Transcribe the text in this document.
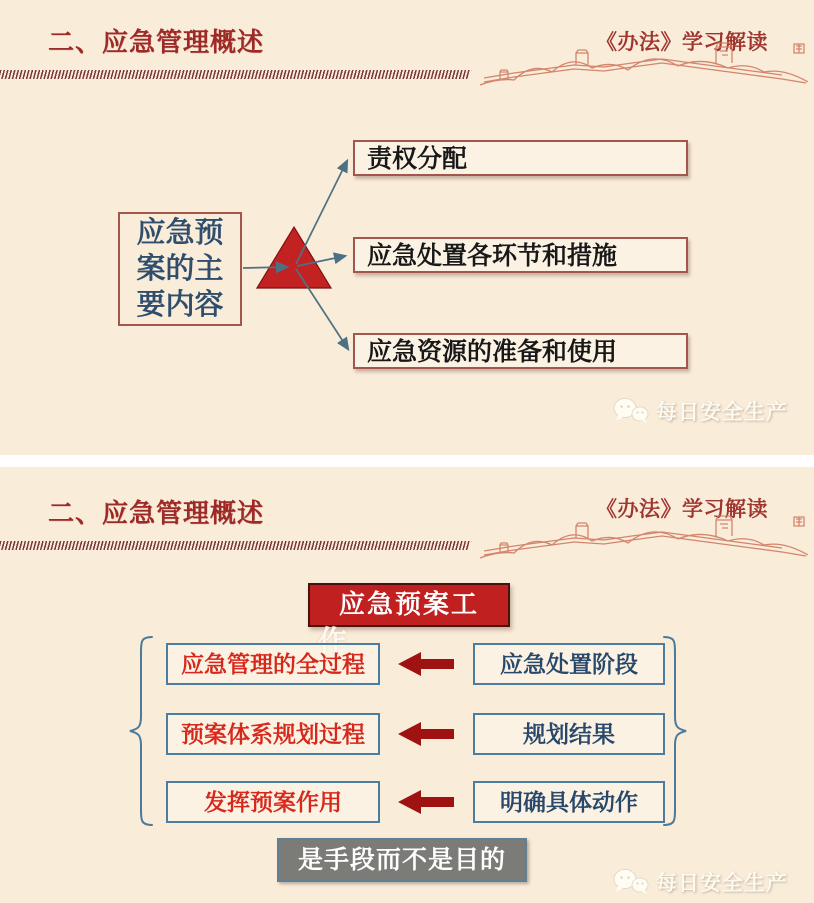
二、应急管理概述	《办法》学习解读
应急预
案的主
要内容
责权分配
应急处置各环节和措施
应急资源的准备和使用
每日安全生产
二、应急管理概述	《办法》学习解读
应急预案工
作
应急管理的全过程
预案体系规划过程
发挥预案作用
应急处置阶段
规划结果
明确具体动作
是手段而不是目的
每日安全生产
